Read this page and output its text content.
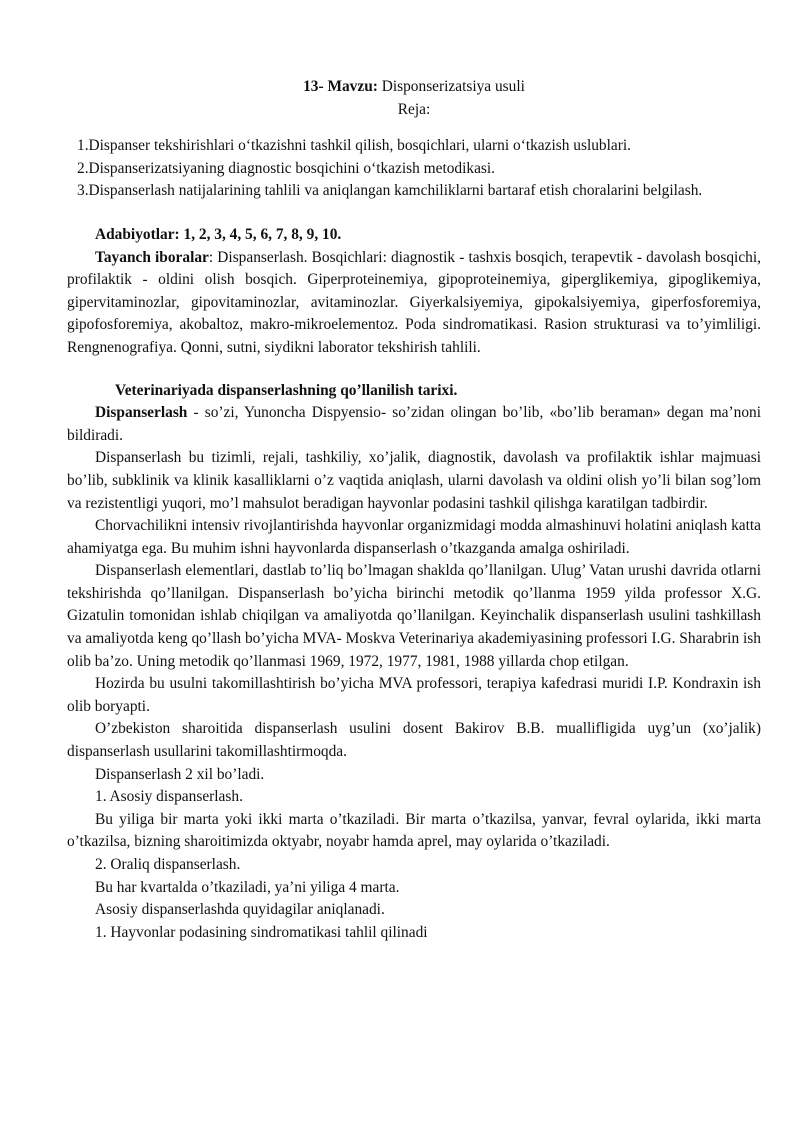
13- Mavzu: Disponserizatsiya usuli

Reja:

1.Dispanser tekshirishlari o‘tkazishni tashkil qilish, bosqichlari, ularni o‘tkazish uslublari.

2.Dispanserizatsiyaning diagnostic bosqichini o‘tkazish metodikasi.

3.Dispanserlash natijalarining tahlili va aniqlangan kamchiliklarni bartaraf etish choralarini belgilash.

Adabiyotlar: 1, 2, 3, 4, 5, 6, 7, 8, 9, 10.

Tayanch iboralar: Dispanserlash. Bosqichlari: diagnostik - tashxis bosqich, terapevtik - davolash bosqichi, profilaktik - oldini olish bosqich. Giperproteinemiya, gipoproteinemiya, giperglikemiya, gipoglikemiya, gipervitaminozlar, gipovitaminozlar, avitaminozlar. Giyerkalsiyemiya, gipokalsiyemiya, giperfosforemiya, gipofosforemiya, akobaltoz, makro-mikroelementoz. Poda sindromatikasi. Rasion strukturasi va to’yimliligi. Rengnenografiya. Qonni, sutni, siydikni laborator tekshirish tahlili.

Veterinariyada dispanserlashning qo’llanilish tarixi.

Dispanserlash - so’zi, Yunoncha Dispyensio- so’zidan olingan bo’lib, «bo’lib beraman» degan ma’noni bildiradi.

Dispanserlash bu tizimli, rejali, tashkiliy, xo’jalik, diagnostik, davolash va profilaktik ishlar majmuasi bo’lib, subklinik va klinik kasalliklarni o’z vaqtida aniqlash, ularni davolash va oldini olish yo’li bilan sog’lom va rezistentligi yuqori, mo’l mahsulot beradigan hayvonlar podasini tashkil qilishga karatilgan tadbirdir.

Chorvachilikni intensiv rivojlantirishda hayvonlar organizmidagi modda almashinuvi holatini aniqlash katta ahamiyatga ega. Bu muhim ishni hayvonlarda dispanserlash o’tkazganda amalga oshiriladi.

Dispanserlash elementlari, dastlab to’liq bo’lmagan shaklda qo’llanilgan. Ulug’ Vatan urushi davrida otlarni tekshirishda qo’llanilgan. Dispanserlash bo’yicha birinchi metodik qo’llanma 1959 yilda professor X.G. Gizatulin tomonidan ishlab chiqilgan va amaliyotda qo’llanilgan. Keyinchalik dispanserlash usulini tashkillash va amaliyotda keng qo’llash bo’yicha MVA- Moskva Veterinariya akademiyasining professori I.G. Sharabrin ish olib ba’zo. Uning metodik qo’llanmasi 1969, 1972, 1977, 1981, 1988 yillarda chop etilgan.

Hozirda bu usulni takomillashtirish bo’yicha MVA professori, terapiya kafedrasi muridi I.P. Kondraxin ish olib boryapti.

O’zbekiston sharoitida dispanserlash usulini dosent Bakirov B.B. muallifligida uyg’un (xo’jalik) dispanserlash usullarini takomillashtirmoqda.

Dispanserlash 2 xil bo’ladi.

1. Asosiy dispanserlash.

Bu yiliga bir marta yoki ikki marta o’tkaziladi. Bir marta o’tkazilsa, yanvar, fevral oylarida, ikki marta o’tkazilsa, bizning sharoitimizda oktyabr, noyabr hamda aprel, may oylarida o’tkaziladi.

2. Oraliq dispanserlash.

Bu har kvartalda o’tkaziladi, ya’ni yiliga 4 marta.

Asosiy dispanserlashda quyidagilar aniqlanadi.

1. Hayvonlar podasining sindromatikasi tahlil qilinadi
